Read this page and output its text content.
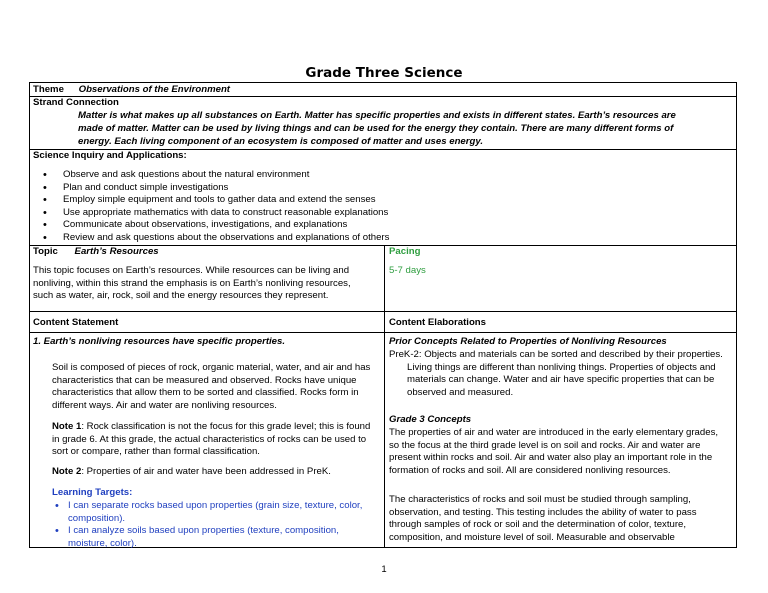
Grade Three Science
Theme Observations of the Environment
Strand Connection
Matter is what makes up all substances on Earth. Matter has specific properties and exists in different states. Earth’s resources are
made of matter. Matter can be used by living things and can be used for the energy they contain. There are many different forms of
energy. Each living component of an ecosystem is composed of matter and uses energy.
Science Inquiry and Applications:
• Observe and ask questions about the natural environment
• Plan and conduct simple investigations
• Employ simple equipment and tools to gather data and extend the senses
• Use appropriate mathematics with data to construct reasonable explanations
• Communicate about observations, investigations, and explanations
• Review and ask questions about the observations and explanations of others
Topic Earth’s Resources	Pacing

This topic focuses on Earth’s resources. While resources can be living and

nonliving, within this strand the emphasis is on Earth’s nonliving resources,

such as water, air, rock, soil and the energy resources they represent.

5-7 days
Content Statement	Content Elaborations
1. Earth’s nonliving resources have specific properties.

Soil is composed of pieces of rock, organic material, water, and air and has

characteristics that can be measured and observed. Rocks have unique

characteristics that allow them to be sorted and classified. Rocks form in

different ways. Air and water are nonliving resources.

Note 1: Rock classification is not the focus for this grade level; this is found

in grade 6. At this grade, the actual characteristics of rocks can be used to

sort or compare, rather than formal classification.

Note 2: Properties of air and water have been addressed in PreK.
Learning Targets:
• I can separate rocks based upon properties (grain size, texture, color,
composition).
• I can analyze soils based upon properties (texture, composition,
moisture, color).
Prior Concepts Related to Properties of Nonliving Resources

PreK-2: Objects and materials can be sorted and described by their properties.

Living things are different than nonliving things. Properties of objects and

materials can change. Water and air have specific properties that can be

observed and measured.

Grade 3 Concepts

The properties of air and water are introduced in the early elementary grades,

so the focus at the third grade level is on soil and rocks. Air and water are

present within rocks and soil. Air and water also play an important role in the

formation of rocks and soil. All are considered nonliving resources.

The characteristics of rocks and soil must be studied through sampling,

observation, and testing. This testing includes the ability of water to pass

through samples of rock or soil and the determination of color, texture,

composition, and moisture level of soil. Measurable and observable

1
